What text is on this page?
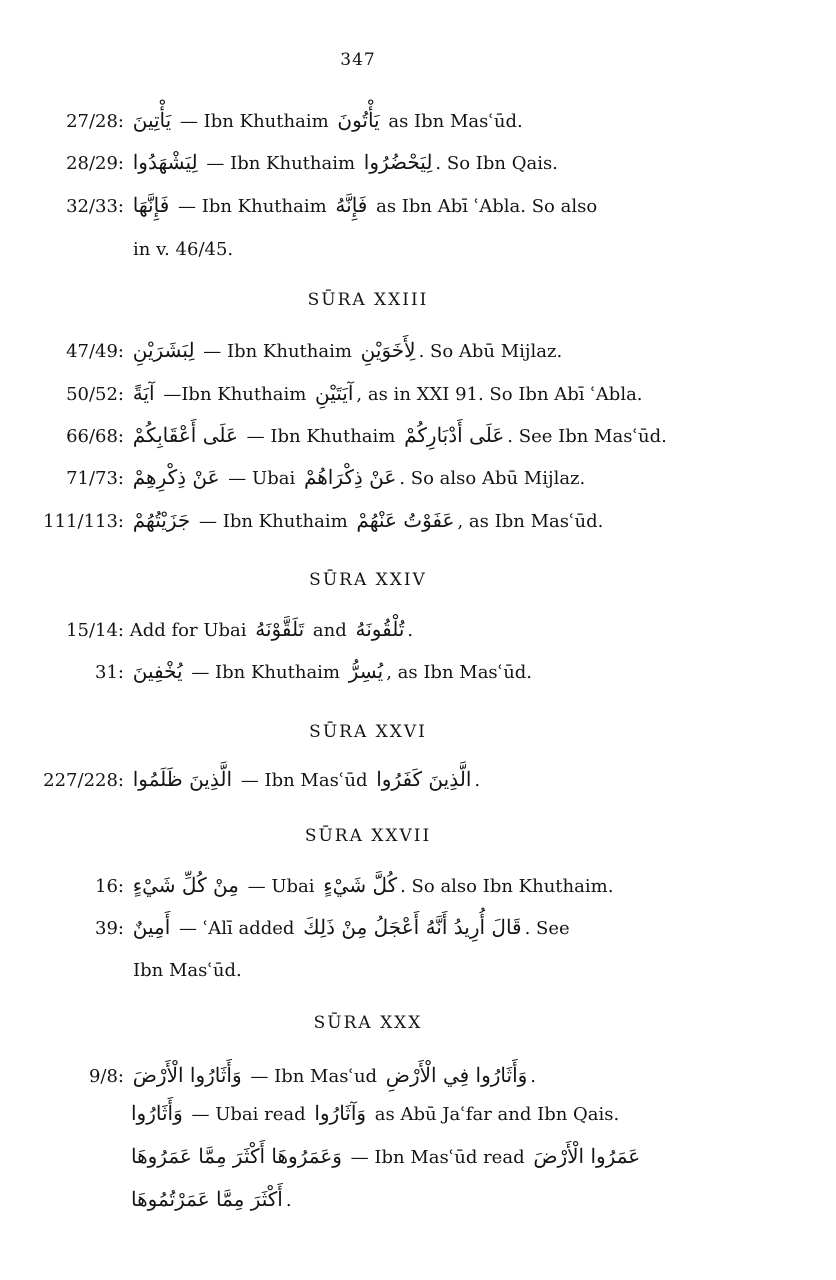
347
27/28: يَأْتِينَ — Ibn Khuthaim يَأْتُونَ as Ibn Masʿūd.
28/29: لِيَشْهَدُوا — Ibn Khuthaim لِيَحْضُرُوا . So Ibn Qais.
32/33: فَإِنَّهَا — Ibn Khuthaim فَإِنَّهُ as Ibn Abī ʿAbla. So also
in v. 46/45.
SŪRA XXIII
47/49: لِبَشَرَيْنِ — Ibn Khuthaim لِأَخَوَيْنِ . So Abū Mijlaz.
50/52: آيَةً —Ibn Khuthaim آيَتَيْنِ , as in XXI 91. So Ibn Abī ʿAbla.
66/68: عَلَى أَعْقَابِكُمْ — Ibn Khuthaim عَلَى أَدْبَارِكُمْ . See Ibn Masʿūd.
71/73: عَنْ ذِكْرِهِمْ — Ubai عَنْ ذِكْرَاهُمْ . So also Abū Mijlaz.
111/113: جَزَيْتُهُمْ — Ibn Khuthaim عَفَوْتُ عَنْهُمْ , as Ibn Masʿūd.
SŪRA XXIV
15/14: Add for Ubai تَلَقَّوْنَهُ and تُلْقُونَهُ .
31: يُخْفِينَ — Ibn Khuthaim يُسِرُّ , as Ibn Masʿūd.
SŪRA XXVI
227/228: الَّذِينَ ظَلَمُوا — Ibn Masʿūd الَّذِينَ كَفَرُوا .
SŪRA XXVII
16: مِنْ كُلِّ شَيْءٍ — Ubai كُلَّ شَيْءٍ . So also Ibn Khuthaim.
39: أَمِينٌ — ʿAlī added قَالَ أُرِيدُ أَنَّهُ أَعْجَلُ مِنْ ذَلِكَ . See
Ibn Masʿūd.
SŪRA XXX
9/8: وَأَثَارُوا الْأَرْضَ — Ibn Masʿud وَأَثَارُوا فِي الْأَرْضِ .
وَأَثَارُوا — Ubai read وَآثَارُوا as Abū Jaʿfar and Ibn Qais.
وَعَمَرُوهَا أَكْثَرَ مِمَّا عَمَرُوهَا — Ibn Masʿūd read عَمَرُوا الْأَرْضَ
أَكْثَرَ مِمَّا عَمَرْتُمُوهَا .
